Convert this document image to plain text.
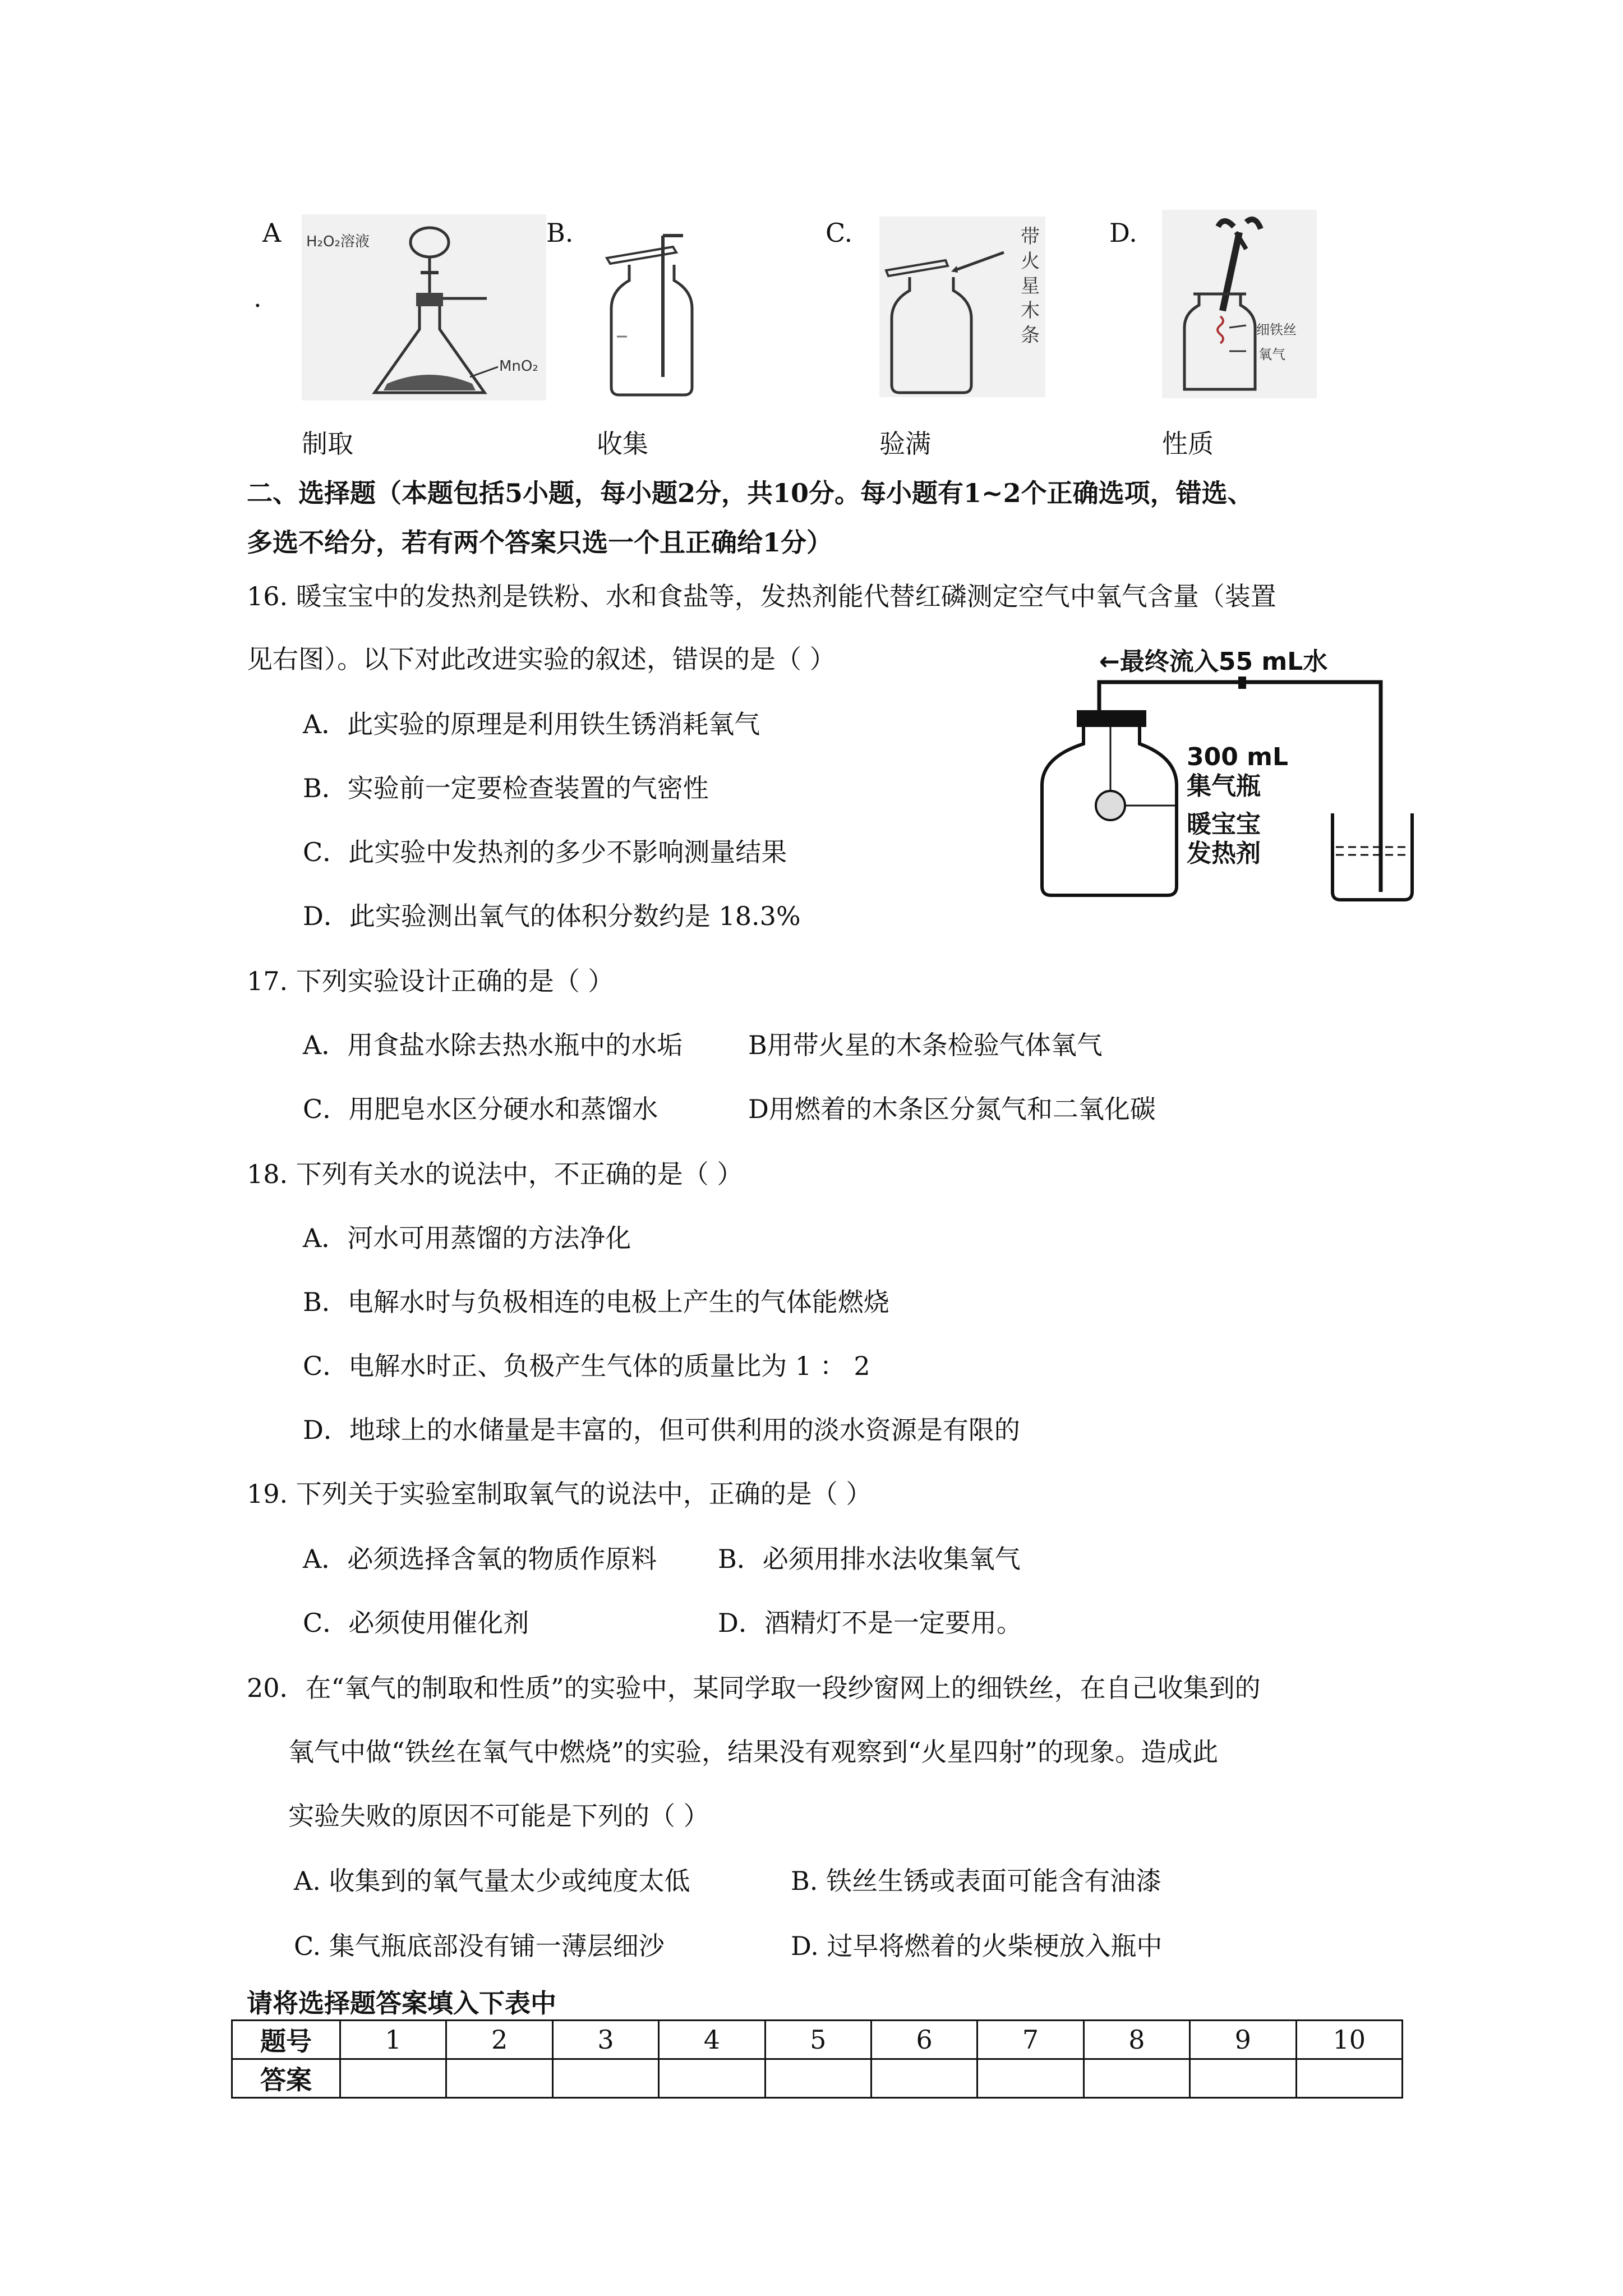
A
.
H₂O₂溶液
MnO₂
B.	C.	带火星木条
D.
细铁丝
氧气
制取	收集	验满	性质
二、选择题（本题包括5小题，每小题2分，共10分。每小题有1~2个正确选项，错选、
多选不给分，若有两个答案只选一个且正确给1分）
16. 暖宝宝中的发热剂是铁粉、水和食盐等，发热剂能代替红磷测定空气中氧气含量（装置
见右图）。以下对此改进实验的叙述，错误的是（ ）
A．此实验的原理是利用铁生锈消耗氧气
B．实验前一定要检查装置的气密性
C．此实验中发热剂的多少不影响测量结果
D．此实验测出氧气的体积分数约是 18.3%
←最终流入55 mL水
300 mL
集气瓶
暖宝宝
发热剂
17. 下列实验设计正确的是（ ）
A．用食盐水除去热水瓶中的水垢	B用带火星的木条检验气体氧气
C．用肥皂水区分硬水和蒸馏水	D用燃着的木条区分氮气和二氧化碳
18. 下列有关水的说法中，不正确的是（ ）
A．河水可用蒸馏的方法净化
B．电解水时与负极相连的电极上产生的气体能燃烧
C．电解水时正、负极产生气体的质量比为 1 ： 2
D．地球上的水储量是丰富的，但可供利用的淡水资源是有限的
19. 下列关于实验室制取氧气的说法中，正确的是（ ）
A．必须选择含氧的物质作原料 B．必须用排水法收集氧气
C．必须使用催化剂	D．酒精灯不是一定要用。
20．在“氧气的制取和性质”的实验中，某同学取一段纱窗网上的细铁丝，在自己收集到的
氧气中做“铁丝在氧气中燃烧”的实验，结果没有观察到“火星四射”的现象。造成此
实验失败的原因不可能是下列的（ ）
A. 收集到的氧气量太少或纯度太低	B. 铁丝生锈或表面可能含有油漆
C. 集气瓶底部没有铺一薄层细沙	D. 过早将燃着的火柴梗放入瓶中
请将选择题答案填入下表中
题号	1	2	3	4	5	6	7	8	9	10
答案										
